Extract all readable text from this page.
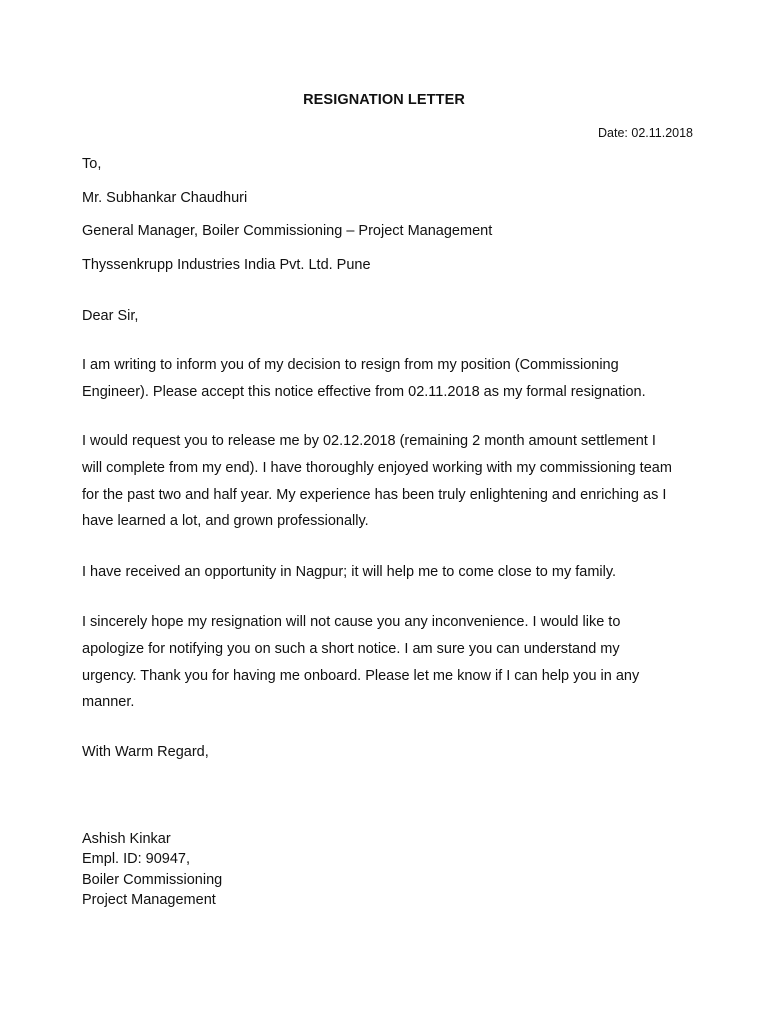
RESIGNATION LETTER
Date: 02.11.2018
To,
Mr. Subhankar Chaudhuri
General Manager, Boiler Commissioning – Project Management
Thyssenkrupp Industries India Pvt. Ltd. Pune
Dear Sir,

I am writing to inform you of my decision to resign from my position (Commissioning

Engineer). Please accept this notice effective from 02.11.2018 as my formal resignation.

I would request you to release me by 02.12.2018 (remaining 2 month amount settlement I

will complete from my end). I have thoroughly enjoyed working with my commissioning team

for the past two and half year. My experience has been truly enlightening and enriching as I

have learned a lot, and grown professionally.

I have received an opportunity in Nagpur; it will help me to come close to my family.

I sincerely hope my resignation will not cause you any inconvenience. I would like to

apologize for notifying you on such a short notice. I am sure you can understand my

urgency. Thank you for having me onboard. Please let me know if I can help you in any

manner.

With Warm Regard,
Ashish Kinkar
Empl. ID: 90947,
Boiler Commissioning
Project Management
